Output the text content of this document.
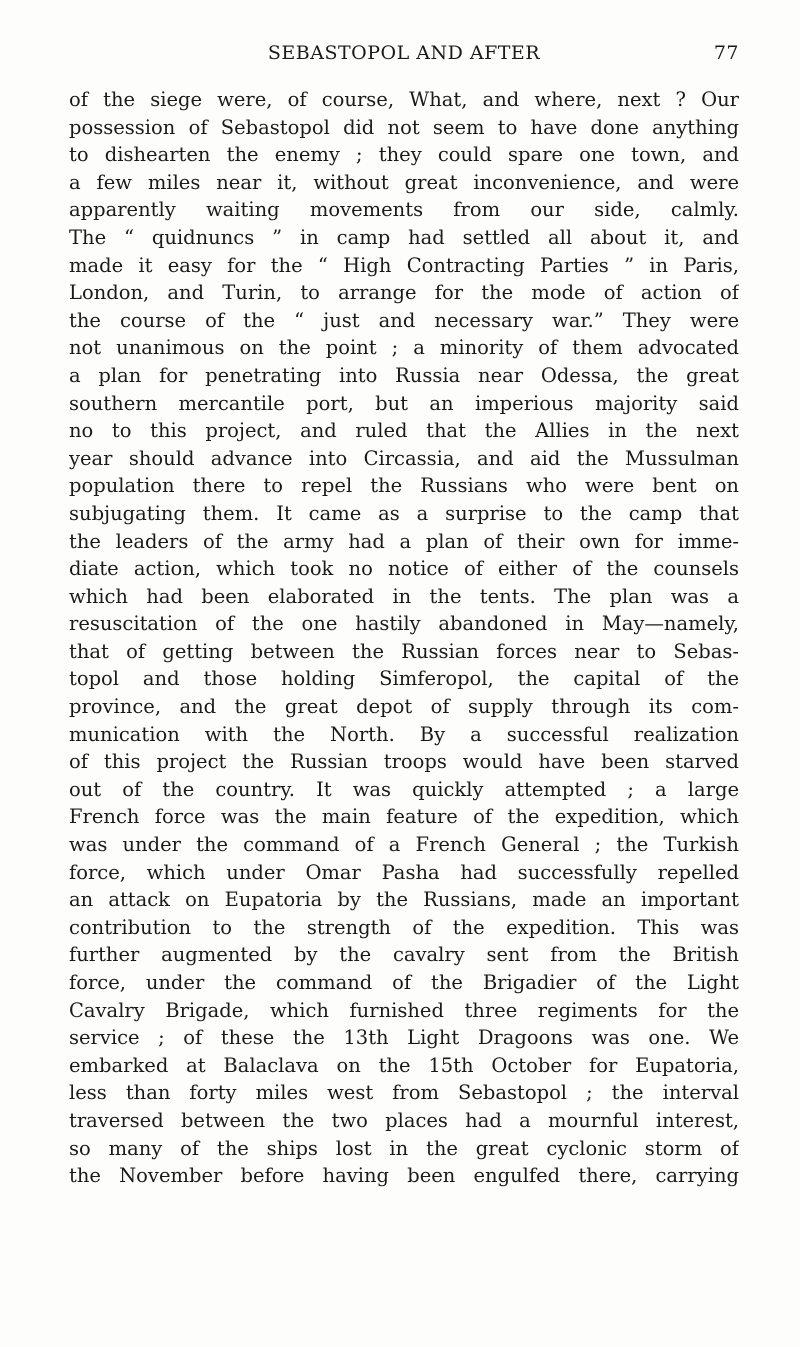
SEBASTOPOL AND AFTER	77
of the siege were, of course, What, and where, next ? Our
possession of Sebastopol did not seem to have done anything
to dishearten the enemy ; they could spare one town, and
a few miles near it, without great inconvenience, and were
apparently waiting movements from our side, calmly.
The “ quidnuncs ” in camp had settled all about it, and
made it easy for the “ High Contracting Parties ” in Paris,
London, and Turin, to arrange for the mode of action of
the course of the “ just and necessary war.” They were
not unanimous on the point ; a minority of them advocated
a plan for penetrating into Russia near Odessa, the great
southern mercantile port, but an imperious majority said
no to this project, and ruled that the Allies in the next
year should advance into Circassia, and aid the Mussulman
population there to repel the Russians who were bent on
subjugating them. It came as a surprise to the camp that
the leaders of the army had a plan of their own for imme-
diate action, which took no notice of either of the counsels
which had been elaborated in the tents. The plan was a
resuscitation of the one hastily abandoned in May—namely,
that of getting between the Russian forces near to Sebas-
topol and those holding Simferopol, the capital of the
province, and the great depot of supply through its com-
munication with the North. By a successful realization
of this project the Russian troops would have been starved
out of the country. It was quickly attempted ; a large
French force was the main feature of the expedition, which
was under the command of a French General ; the Turkish
force, which under Omar Pasha had successfully repelled
an attack on Eupatoria by the Russians, made an important
contribution to the strength of the expedition. This was
further augmented by the cavalry sent from the British
force, under the command of the Brigadier of the Light
Cavalry Brigade, which furnished three regiments for the
service ; of these the 13th Light Dragoons was one. We
embarked at Balaclava on the 15th October for Eupatoria,
less than forty miles west from Sebastopol ; the interval
traversed between the two places had a mournful interest,
so many of the ships lost in the great cyclonic storm of
the November before having been engulfed there, carrying
